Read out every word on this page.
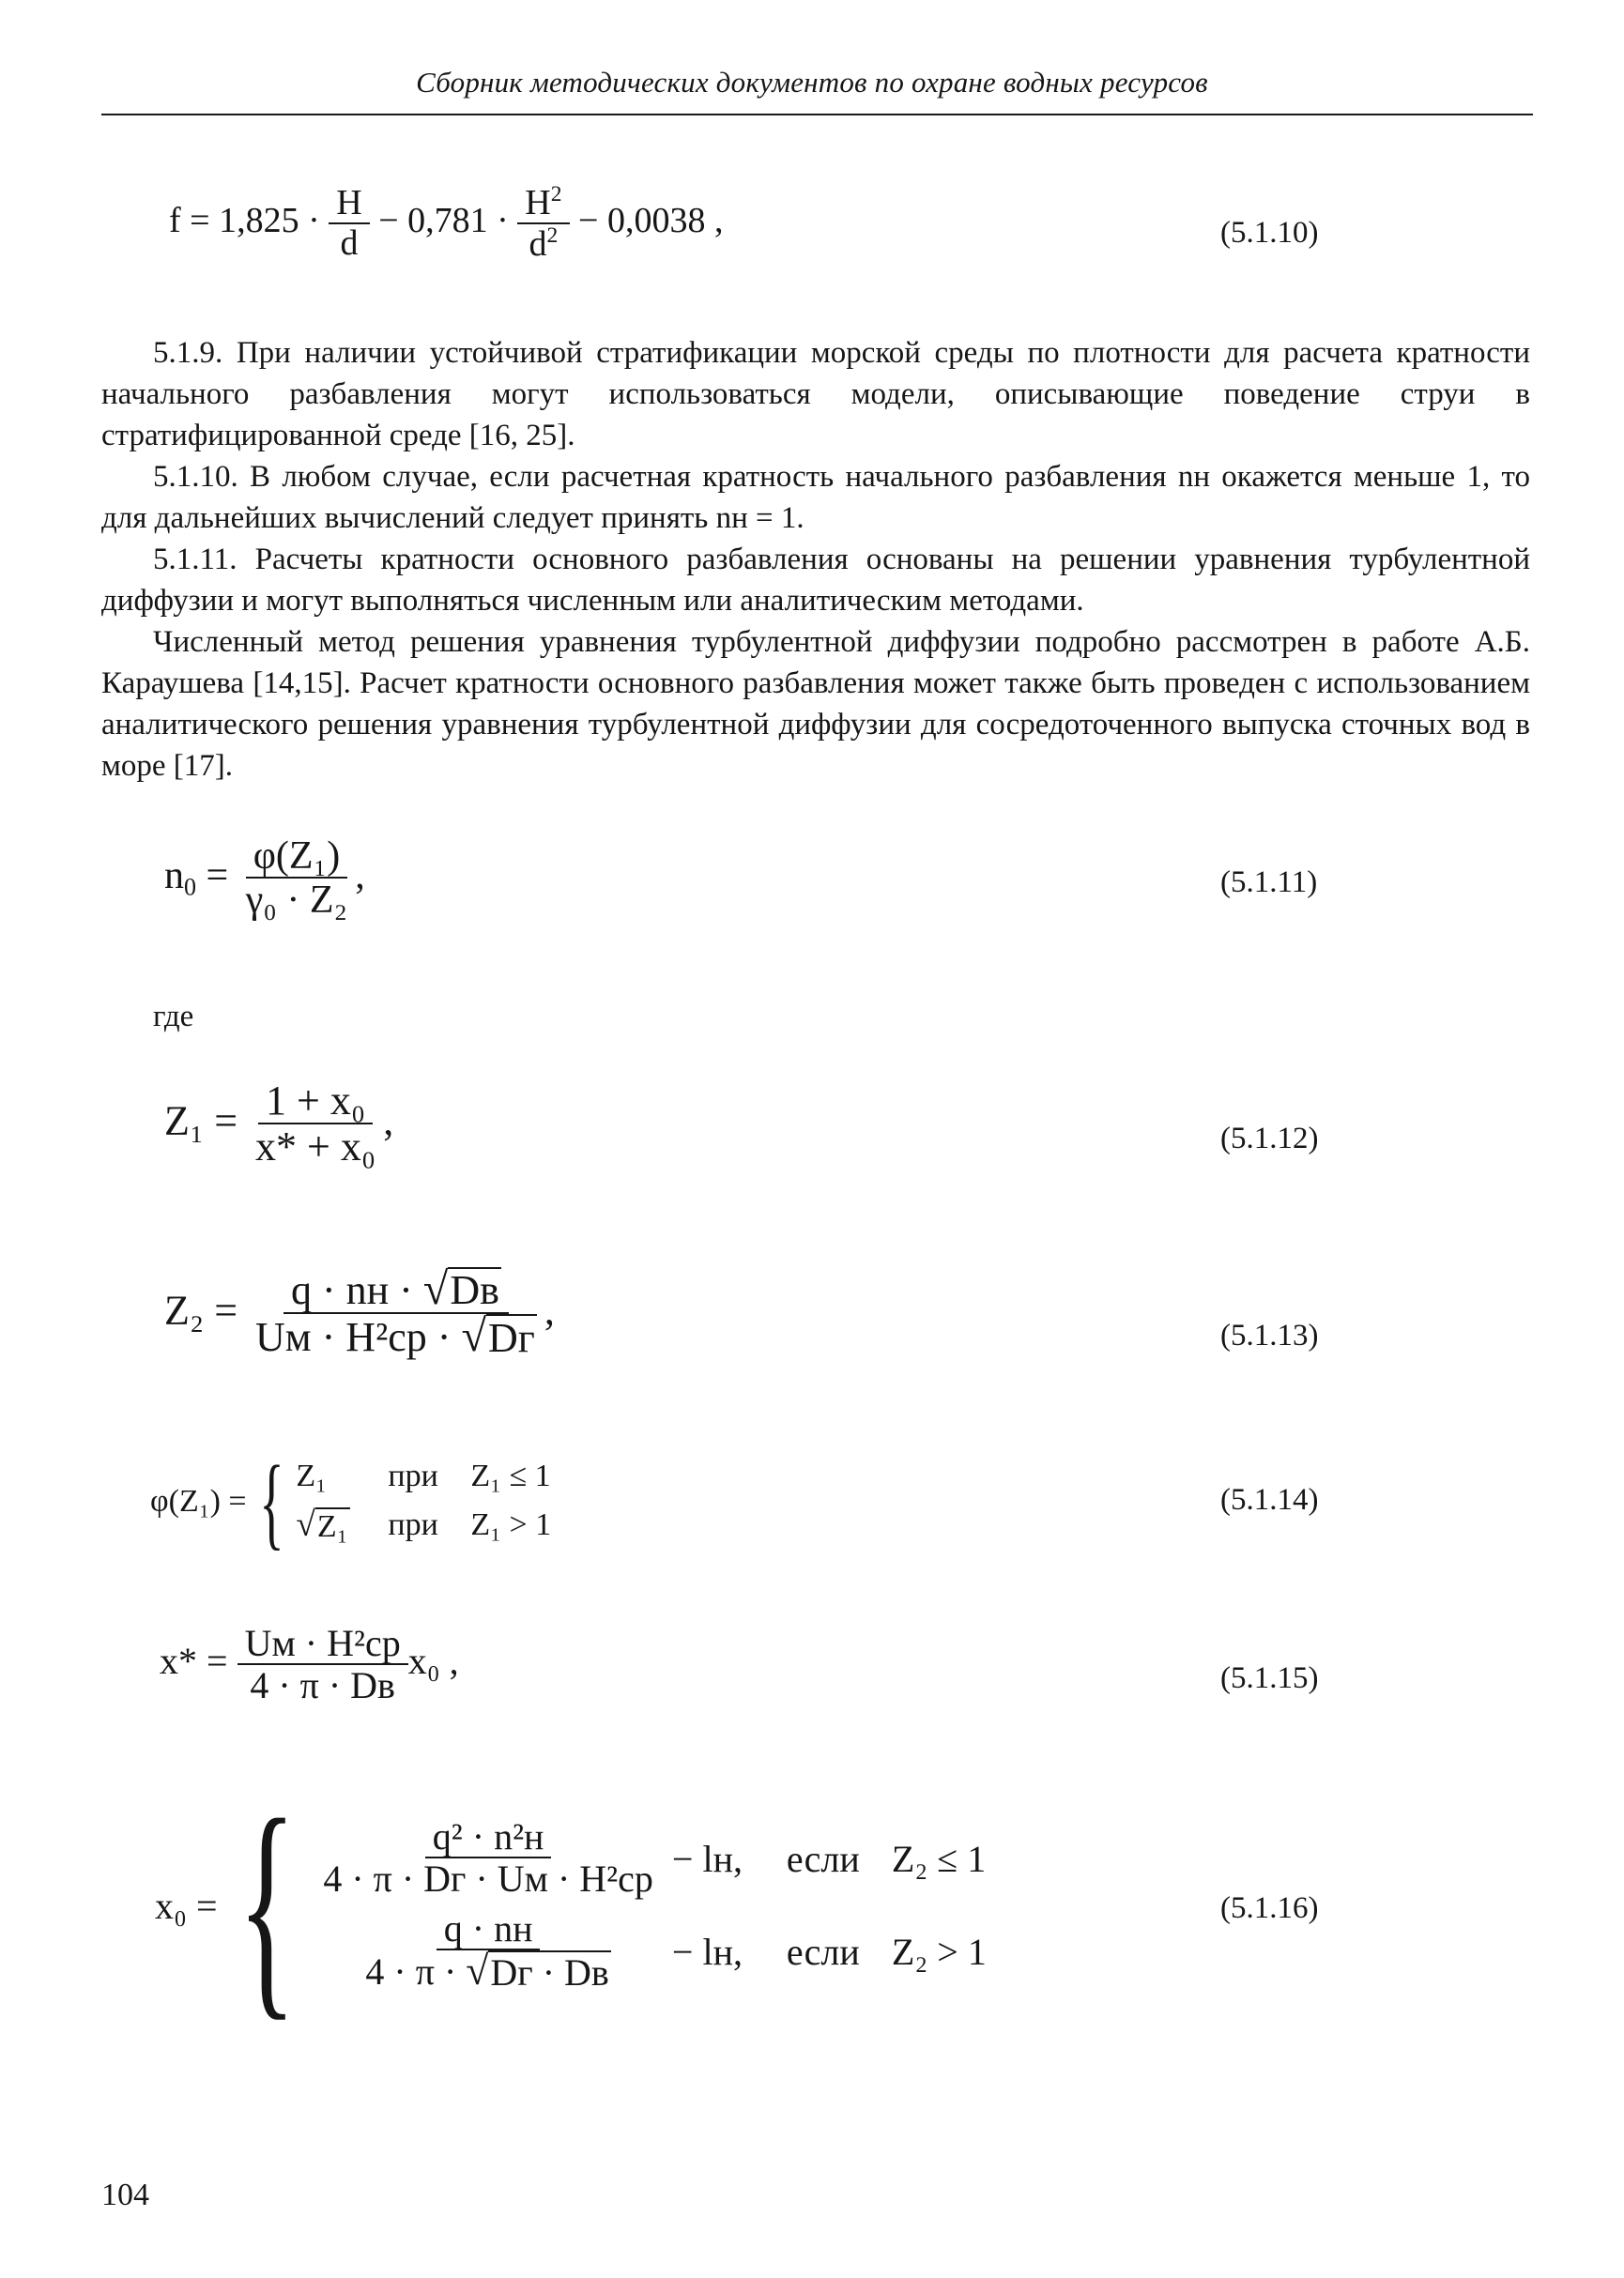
Сборник методических документов по охране водных ресурсов
$f = 1,825 \cdot \frac{H}{d} - 0,781 \cdot \frac{H^2}{d^2} - 0,0038$ ,	(5.1.10)
5.1.9. При наличии устойчивой стратификации морской среды по плотности для расчета кратности начального разбавления могут использоваться модели, описывающие поведение струи в стратифицированной среде [16, 25].
5.1.10. В любом случае, если расчетная кратность начального разбавления nн окажется меньше 1, то для дальнейших вычислений следует принять nн = 1.
5.1.11. Расчеты кратности основного разбавления основаны на решении уравнения турбулентной диффузии и могут выполняться численным или аналитическим методами.
Численный метод решения уравнения турбулентной диффузии подробно рассмотрен в работе А.Б. Караушева [14,15]. Расчет кратности основного разбавления может также быть проведен с использованием аналитического решения уравнения турбулентной диффузии для сосредоточенного выпуска сточных вод в море [17].
$n_0 = \frac{\text{φ(Z₁)}}{\text{γ₀ · Z₂}}$ ,	(5.1.11)
где
$Z_1 = \frac{\text{1 + x₀}}{\text{x* + x₀}}$ ,	(5.1.12)
$Z_2 = \frac{q \cdot nн \cdot √ Dв}{\text{Uм · H²ср · √ Dг}}$ ,
(5.1.13)
φ(Z₁) = { Z₁	при	Z₁ ≤ 1
√ Z₁ при	Z₁ > 1
(5.1.14)
$x* = \frac{\text{Uм · H²ср}}{4 \cdot \pi \cdot Dв} x_0$ ,	(5.1.15)
x₀ = { $\frac{\text{q² · n²н}}{\text{4 · π · Dг · Uм · H²ср}}$ − lн,	если Z₂ ≤ 1
$\frac{q \cdot nн}{4 \cdot \pi \cdot √ Dг \cdot Dв}$ − lн,	если Z₂ > 1
(5.1.16)
104
